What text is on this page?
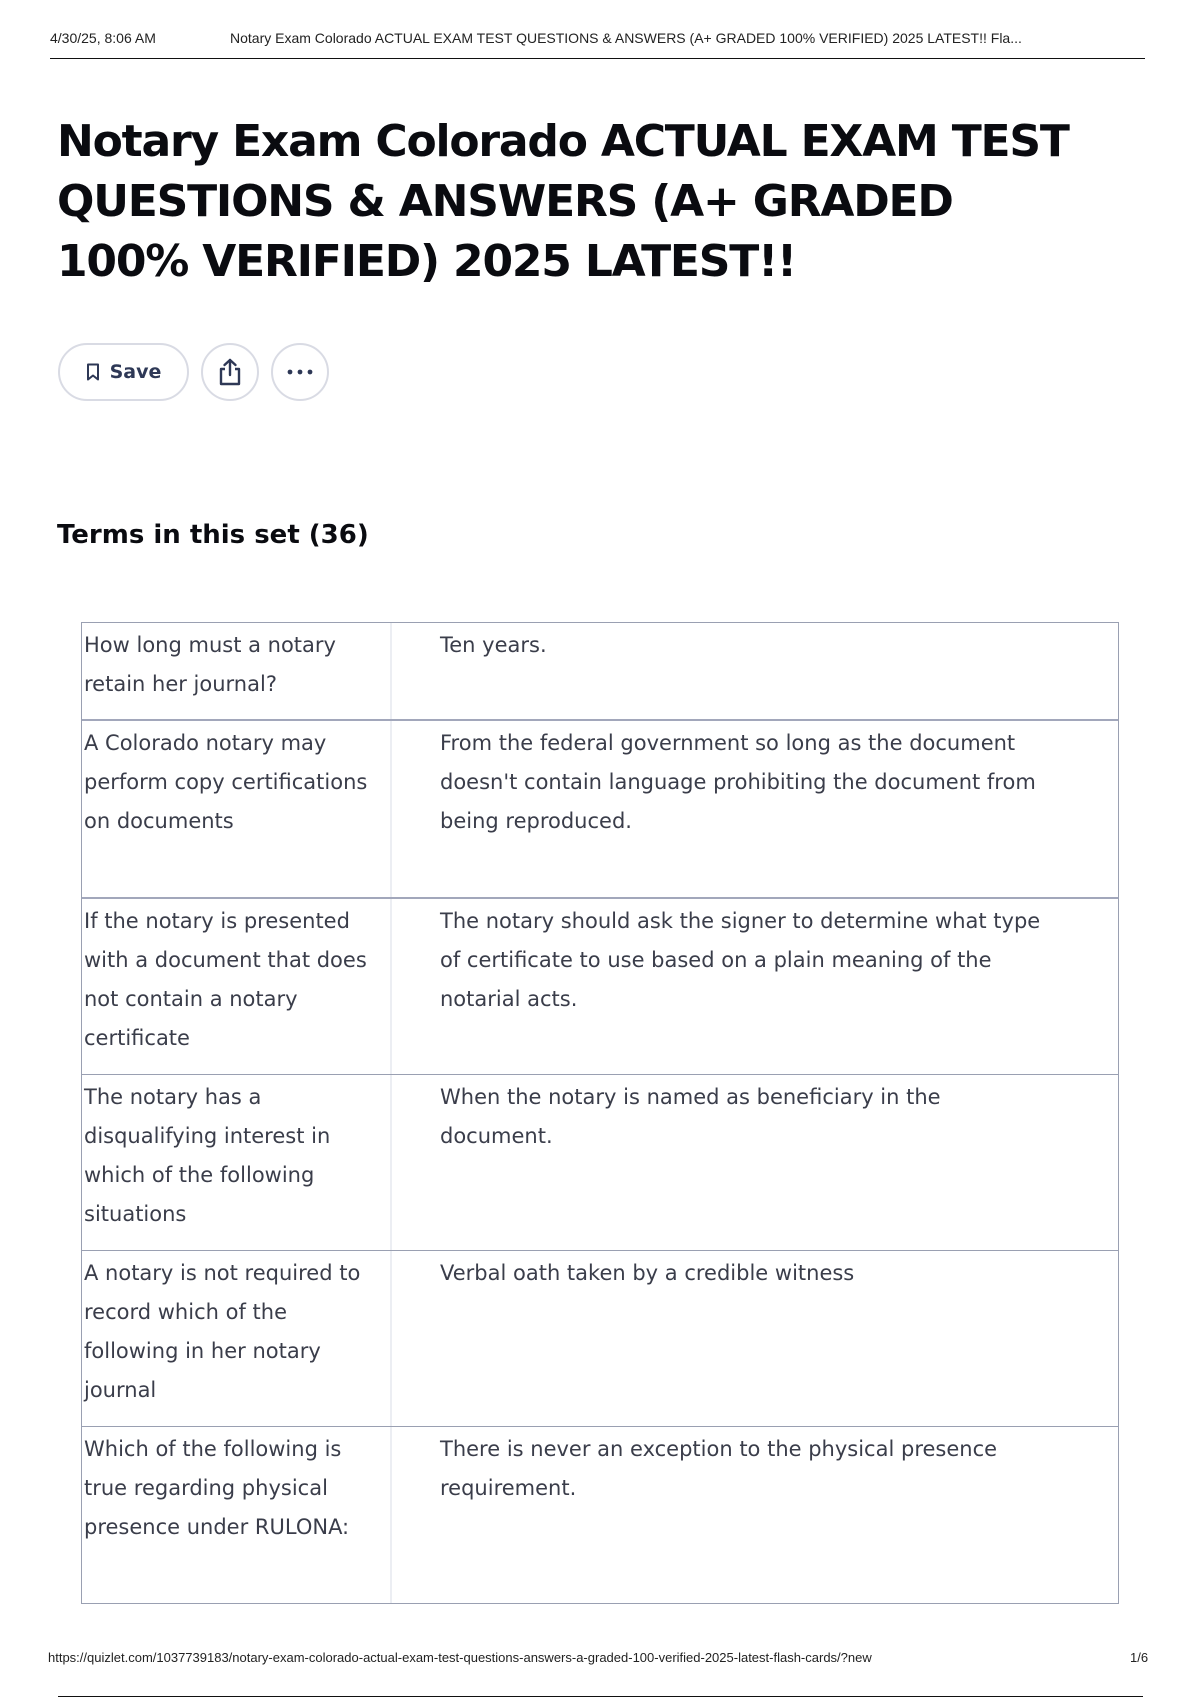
4/30/25, 8:06 AM	Notary Exam Colorado ACTUAL EXAM TEST QUESTIONS & ANSWERS (A+ GRADED 100% VERIFIED) 2025 LATEST!! Fla...
Notary Exam Colorado ACTUAL EXAM TEST QUESTIONS & ANSWERS (A+ GRADED 100% VERIFIED) 2025 LATEST!!
Save
Terms in this set (36)
How long must a notary retain her journal?
Ten years.
A Colorado notary may perform copy certifications on documents
From the federal government so long as the document doesn't contain language prohibiting the document from being reproduced.
If the notary is presented with a document that does not contain a notary certificate
The notary should ask the signer to determine what type of certificate to use based on a plain meaning of the notarial acts.
The notary has a disqualifying interest in which of the following situations
When the notary is named as beneficiary in the document.
A notary is not required to record which of the following in her notary journal
Verbal oath taken by a credible witness
Which of the following is true regarding physical presence under RULONA:
There is never an exception to the physical presence requirement.
https://quizlet.com/1037739183/notary-exam-colorado-actual-exam-test-questions-answers-a-graded-100-verified-2025-latest-flash-cards/?new	1/6
